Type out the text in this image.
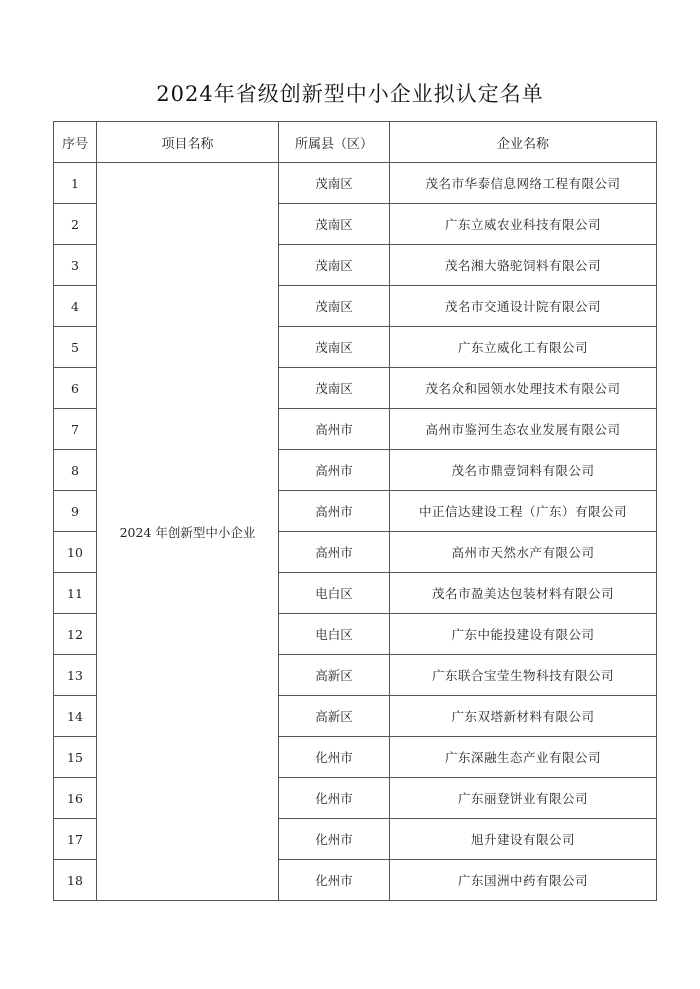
2024年省级创新型中小企业拟认定名单
序号	项目名称	所属县（区）	企业名称
1	2024 年创新型中小企业	茂南区	茂名市华泰信息网络工程有限公司
2		茂南区	广东立威农业科技有限公司
3		茂南区	茂名湘大骆驼饲料有限公司
4		茂南区	茂名市交通设计院有限公司
5		茂南区	广东立威化工有限公司
6		茂南区	茂名众和园领水处理技术有限公司
7		高州市	高州市鉴河生态农业发展有限公司
8		高州市	茂名市鼎壹饲料有限公司
9		高州市	中正信达建设工程（广东）有限公司
10		高州市	高州市天然水产有限公司
11		电白区	茂名市盈美达包装材料有限公司
12		电白区	广东中能投建设有限公司
13		高新区	广东联合宝莹生物科技有限公司
14		高新区	广东双塔新材料有限公司
15		化州市	广东深融生态产业有限公司
16		化州市	广东丽登饼业有限公司
17		化州市	旭升建设有限公司
18		化州市	广东国洲中药有限公司
